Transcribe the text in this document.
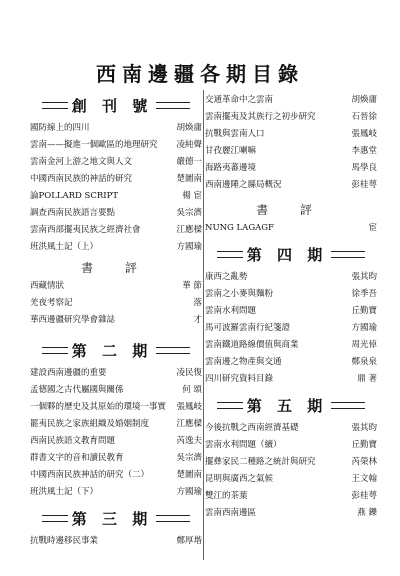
西南邊疆各期目錄
創 刊 號
國防線上的四川	胡煥庸
雲南——擬進一個歐區的地理研究	凌純聲
雲南金河上游之地文與人文	嚴德一
中國西南民族的神話的研究	楚圖南
論POLLARD SCRIPT	楊 宦
調查西南民族語言要點	吳宗濟
雲南西部擺夷民族之經濟社會	江應樑
班洪風土記（上）	方國瑜
書 評
西藏情狀	華 節
羌夜考察記	落
華西邊疆研究學會雜誌	才
第 二 期
建設西南邊疆的重要	凌民復
孟德國之古代屬國與關係	何 頌
一個夥的歷史及其原始的環境一事實	張鳳岐
罷夷民族之家族組織及婚姻制度	江應樑
西南民族語文教育問題	芮逸夫
群書文字的音和讀民教育	吳宗濟
中國西南民族神話的研究（二）	楚圖南
班洪風土記（下）	方國瑜
第 三 期
抗戰時邊移民事業	鄭厚堦
交通革命中之雲南	胡煥庸
雲南擺夷及其族行之初步研究	石晉徐
抗戰與雲南人口	張鳳岐
甘孜麗江喇嘛	李惠堂
海路夷蕃邊境	馬學良
西南邊陲之縣局概況	彭桂萼
書 評
NUNG LAGAGF	宦
第 四 期
康西之亂勢	張其昀
雲南之小麥與麵粉	徐季吾
雲南水利問題	丘勤寶
馬可波羅雲南行紀箋證	方國瑜
雲南鐵道路線價值與商業	周光倬
雲南邊之物產與交通	鄭泉泉
四川研究資料目錄	鼎 著
第 五 期
今後抗戰之西南經濟基礎	張其昀
雲南水利問題（續）	丘勤寶
擺彝家民二種路之統計與研究	芮榮林
昆明與廣西之氣候	王文翰
雙江的茶葉	彭桂萼
雲南西南邊區	燕 鑠
